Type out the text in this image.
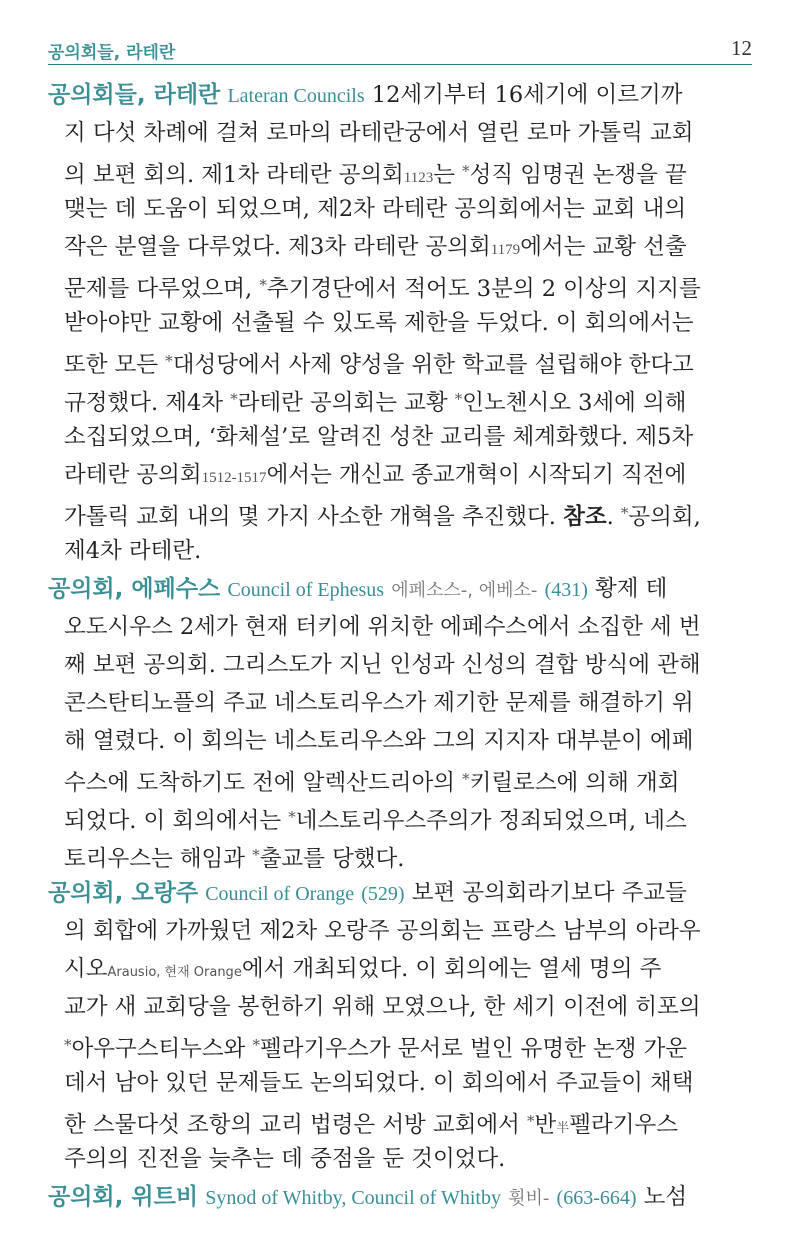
공의회들, 라테란	12
공의회들, 라테란 Lateran Councils 12세기부터 16세기에 이르기까
지 다섯 차례에 걸쳐 로마의 라테란궁에서 열린 로마 가톨릭 교회
의 보편 회의. 제1차 라테란 공의회1123는 *성직 임명권 논쟁을 끝
맺는 데 도움이 되었으며, 제2차 라테란 공의회에서는 교회 내의
작은 분열을 다루었다. 제3차 라테란 공의회1179에서는 교황 선출
문제를 다루었으며, *추기경단에서 적어도 3분의 2 이상의 지지를
받아야만 교황에 선출될 수 있도록 제한을 두었다. 이 회의에서는
또한 모든 *대성당에서 사제 양성을 위한 학교를 설립해야 한다고
규정했다. 제4차 *라테란 공의회는 교황 *인노첸시오 3세에 의해
소집되었으며, ‘화체설’로 알려진 성찬 교리를 체계화했다. 제5차
라테란 공의회1512-1517에서는 개신교 종교개혁이 시작되기 직전에
가톨릭 교회 내의 몇 가지 사소한 개혁을 추진했다. 참조. *공의회,
제4차 라테란.
공의회, 에페수스 Council of Ephesus 에페소스-, 에베소- (431) 황제 테
오도시우스 2세가 현재 터키에 위치한 에페수스에서 소집한 세 번
째 보편 공의회. 그리스도가 지닌 인성과 신성의 결합 방식에 관해
콘스탄티노플의 주교 네스토리우스가 제기한 문제를 해결하기 위
해 열렸다. 이 회의는 네스토리우스와 그의 지지자 대부분이 에페
수스에 도착하기도 전에 알렉산드리아의 *키릴로스에 의해 개회
되었다. 이 회의에서는 *네스토리우스주의가 정죄되었으며, 네스
토리우스는 해임과 *출교를 당했다.
공의회, 오랑주 Council of Orange (529) 보편 공의회라기보다 주교들
의 회합에 가까웠던 제2차 오랑주 공의회는 프랑스 남부의 아라우
시오Arausio, 현재 Orange에서 개최되었다. 이 회의에는 열세 명의 주
교가 새 교회당을 봉헌하기 위해 모였으나, 한 세기 이전에 히포의
*아우구스티누스와 *펠라기우스가 문서로 벌인 유명한 논쟁 가운
데서 남아 있던 문제들도 논의되었다. 이 회의에서 주교들이 채택
한 스물다섯 조항의 교리 법령은 서방 교회에서 *반半펠라기우스
주의의 진전을 늦추는 데 중점을 둔 것이었다.
공의회, 위트비 Synod of Whitby, Council of Whitby 휫비- (663-664) 노섬
